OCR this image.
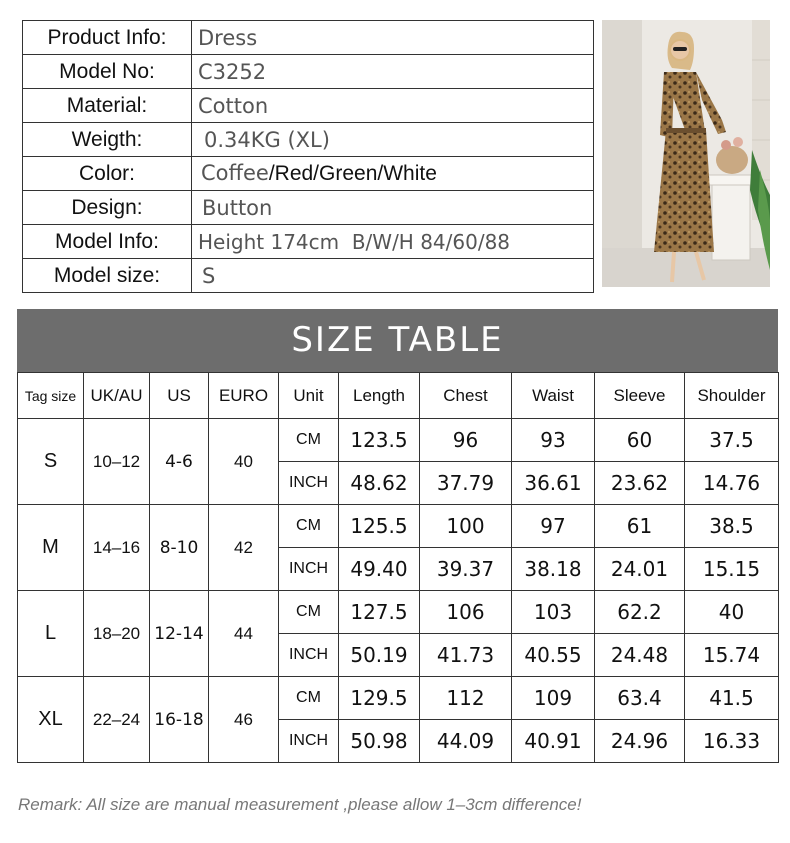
Product Info:	Dress
Model No:	C3252
Material:	Cotton
Weigth:	0.34KG (XL)
Color:	Coffee/Red/Green/White
Design:	Button
Model Info:	Height 174cm  B/W/H 84/60/88
Model size:	S
SIZE TABLE
Tag size	UK/AU	US	EURO	Unit	Length	Chest	Waist	Sleeve	Shoulder
S	10–12	4-6	40	CM	123.5	96	93	60	37.5
				INCH	48.62	37.79	36.61	23.62	14.76
M	14–16	8-10	42	CM	125.5	100	97	61	38.5
				INCH	49.40	39.37	38.18	24.01	15.15
L	18–20	12-14	44	CM	127.5	106	103	62.2	40
				INCH	50.19	41.73	40.55	24.48	15.74
XL	22–24	16-18	46	CM	129.5	112	109	63.4	41.5
				INCH	50.98	44.09	40.91	24.96	16.33
Remark: All size are manual measurement ,please allow 1–3cm difference!
